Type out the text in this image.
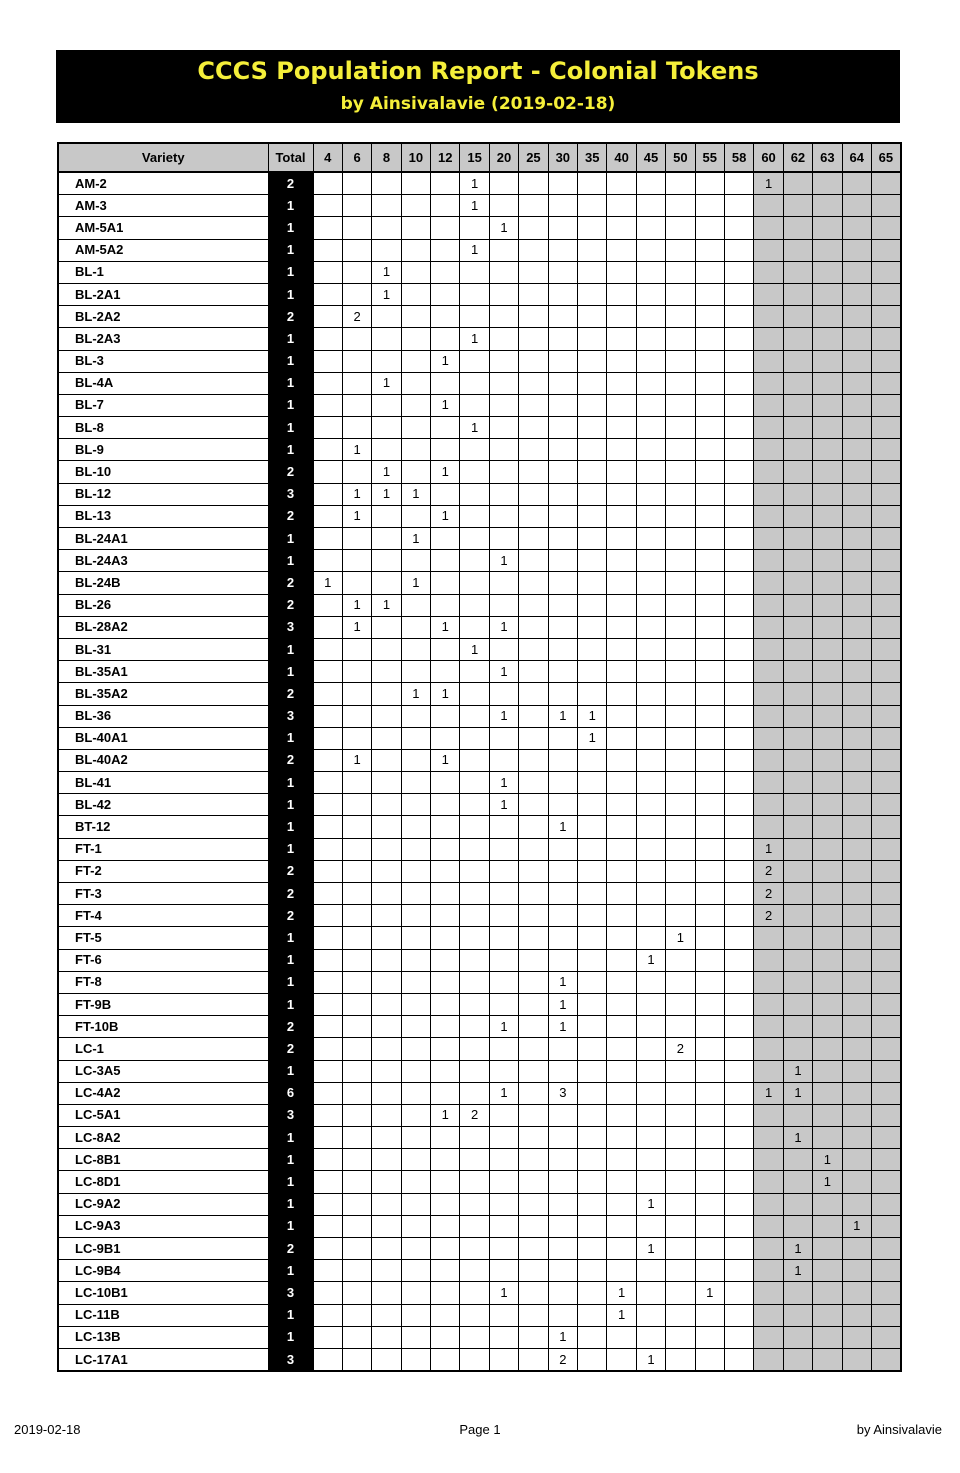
CCCS Population Report - Colonial Tokens
by Ainsivalavie (2019-02-18)
Variety	Total	4	6	8	10	12	15	20	25	30	35	40	45	50	55	58	60	62	63	64	65
AM-2	2						1										1				
AM-3	1						1														
AM-5A1	1							1													
AM-5A2	1						1														
BL-1	1			1																	
BL-2A1	1			1																	
BL-2A2	2		2																		
BL-2A3	1						1														
BL-3	1					1															
BL-4A	1			1																	
BL-7	1					1															
BL-8	1						1														
BL-9	1		1																		
BL-10	2			1		1															
BL-12	3		1	1	1																
BL-13	2		1			1															
BL-24A1	1				1																
BL-24A3	1							1													
BL-24B	2	1			1																
BL-26	2		1	1																	
BL-28A2	3		1			1		1													
BL-31	1						1														
BL-35A1	1							1													
BL-35A2	2				1	1															
BL-36	3							1		1	1										
BL-40A1	1										1										
BL-40A2	2		1			1															
BL-41	1							1													
BL-42	1							1													
BT-12	1									1											
FT-1	1																1				
FT-2	2																2				
FT-3	2																2				
FT-4	2																2				
FT-5	1													1							
FT-6	1												1								
FT-8	1									1											
FT-9B	1									1											
FT-10B	2							1		1											
LC-1	2													2							
LC-3A5	1																	1			
LC-4A2	6							1		3							1	1			
LC-5A1	3					1	2														
LC-8A2	1																	1			
LC-8B1	1																		1		
LC-8D1	1																		1		
LC-9A2	1												1								
LC-9A3	1																			1	
LC-9B1	2												1					1			
LC-9B4	1																	1			
LC-10B1	3							1				1			1						
LC-11B	1											1									
LC-13B	1									1											
LC-17A1	3									2			1								
2019-02-18	Page 1	by Ainsivalavie
